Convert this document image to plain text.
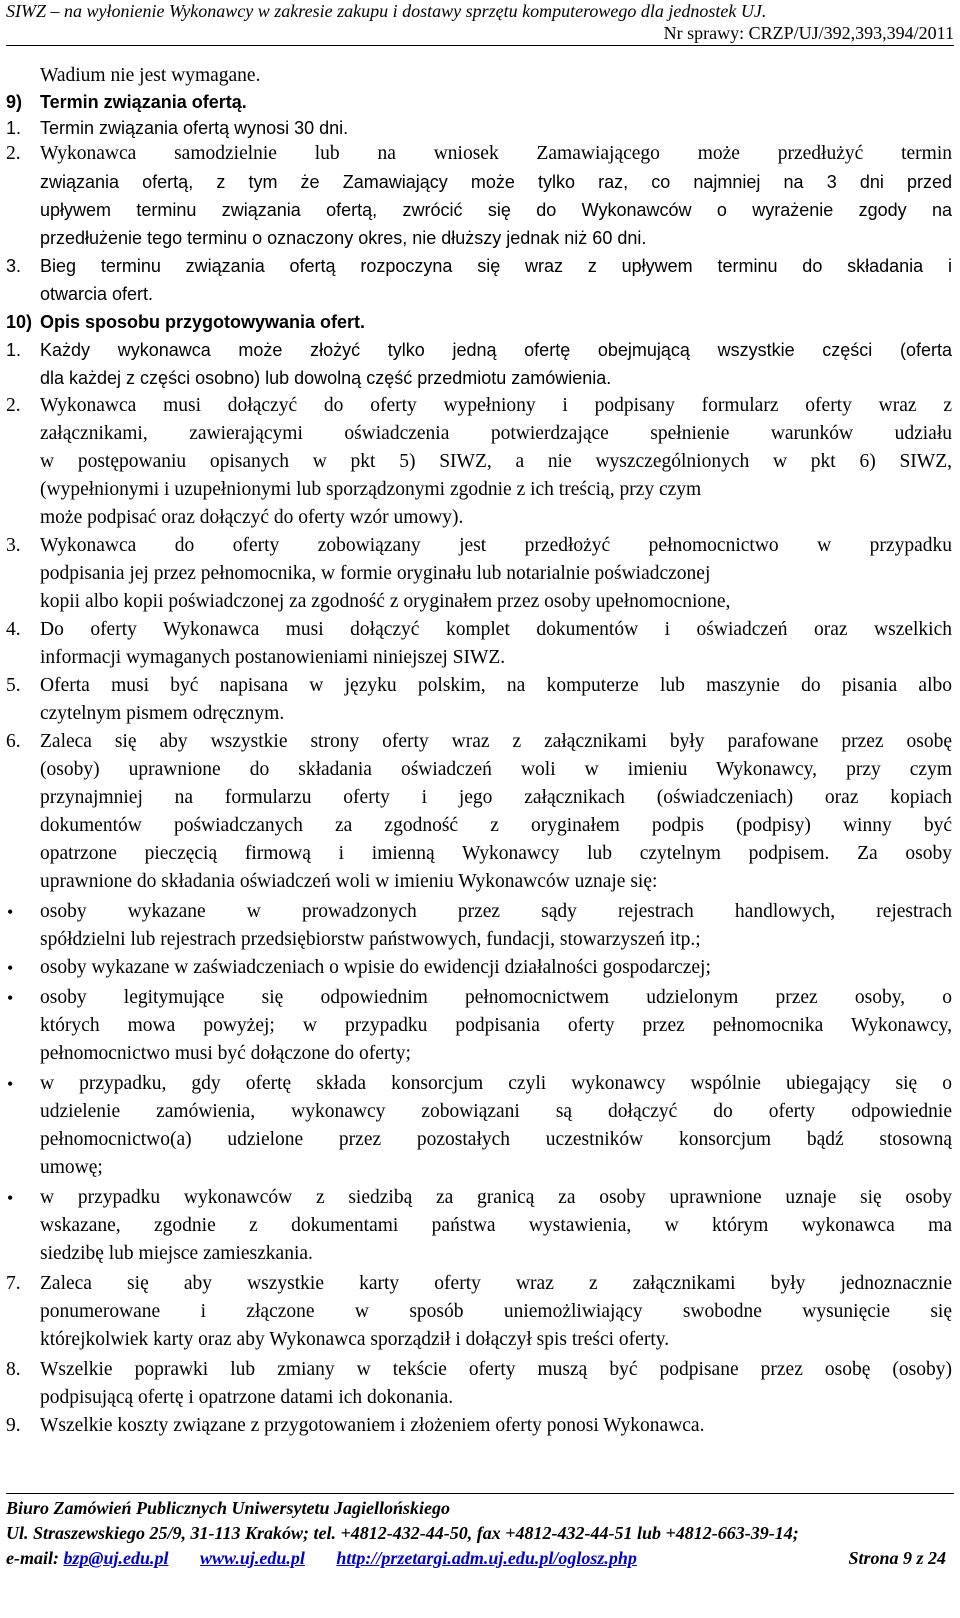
SIWZ – na wyłonienie Wykonawcy w zakresie zakupu i dostawy sprzętu komputerowego dla jednostek UJ.
Nr sprawy: CRZP/UJ/392,393,394/2011
Wadium nie jest wymagane.
9) Termin związania ofertą.
1. Termin związania ofertą wynosi 30 dni.
2. Wykonawca samodzielnie lub na wniosek Zamawiającego może przedłużyć termin
związania ofertą, z tym że Zamawiający może tylko raz, co najmniej na 3 dni przed
upływem terminu związania ofertą, zwrócić się do Wykonawców o wyrażenie zgody na
przedłużenie tego terminu o oznaczony okres, nie dłuższy jednak niż 60 dni.
3. Bieg terminu związania ofertą rozpoczyna się wraz z upływem terminu do składania i
otwarcia ofert.
10) Opis sposobu przygotowywania ofert.
1. Każdy wykonawca może złożyć tylko jedną ofertę obejmującą wszystkie części (oferta
dla każdej z części osobno) lub dowolną część przedmiotu zamówienia.
2. Wykonawca musi dołączyć do oferty wypełniony i podpisany formularz oferty wraz z
załącznikami, zawierającymi oświadczenia potwierdzające spełnienie warunków udziału
w postępowaniu opisanych w pkt 5) SIWZ, a nie wyszczególnionych w pkt 6) SIWZ,
(wypełnionymi i uzupełnionymi lub sporządzonymi zgodnie z ich treścią, przy czym
może podpisać oraz dołączyć do oferty wzór umowy).
3. Wykonawca do oferty zobowiązany jest przedłożyć pełnomocnictwo w przypadku
podpisania jej przez pełnomocnika, w formie oryginału lub notarialnie poświadczonej
kopii albo kopii poświadczonej za zgodność z oryginałem przez osoby upełnomocnione,
4. Do oferty Wykonawca musi dołączyć komplet dokumentów i oświadczeń oraz wszelkich
informacji wymaganych postanowieniami niniejszej SIWZ.
5. Oferta musi być napisana w języku polskim, na komputerze lub maszynie do pisania albo
czytelnym pismem odręcznym.
6. Zaleca się aby wszystkie strony oferty wraz z załącznikami były parafowane przez osobę
(osoby) uprawnione do składania oświadczeń woli w imieniu Wykonawcy, przy czym
przynajmniej na formularzu oferty i jego załącznikach (oświadczeniach) oraz kopiach
dokumentów poświadczanych za zgodność z oryginałem podpis (podpisy) winny być
opatrzone pieczęcią firmową i imienną Wykonawcy lub czytelnym podpisem. Za osoby
uprawnione do składania oświadczeń woli w imieniu Wykonawców uznaje się:
• osoby wykazane w prowadzonych przez sądy rejestrach handlowych, rejestrach
spółdzielni lub rejestrach przedsiębiorstw państwowych, fundacji, stowarzyszeń itp.;
• osoby wykazane w zaświadczeniach o wpisie do ewidencji działalności gospodarczej;
• osoby legitymujące się odpowiednim pełnomocnictwem udzielonym przez osoby, o
których mowa powyżej; w przypadku podpisania oferty przez pełnomocnika Wykonawcy,
pełnomocnictwo musi być dołączone do oferty;
• w przypadku, gdy ofertę składa konsorcjum czyli wykonawcy wspólnie ubiegający się o
udzielenie zamówienia, wykonawcy zobowiązani są dołączyć do oferty odpowiednie
pełnomocnictwo(a) udzielone przez pozostałych uczestników konsorcjum bądź stosowną
umowę;
• w przypadku wykonawców z siedzibą za granicą za osoby uprawnione uznaje się osoby
wskazane, zgodnie z dokumentami państwa wystawienia, w którym wykonawca ma
siedzibę lub miejsce zamieszkania.
7. Zaleca się aby wszystkie karty oferty wraz z załącznikami były jednoznacznie
ponumerowane i złączone w sposób uniemożliwiający swobodne wysunięcie się
którejkolwiek karty oraz aby Wykonawca sporządził i dołączył spis treści oferty.
8. Wszelkie poprawki lub zmiany w tekście oferty muszą być podpisane przez osobę (osoby)
podpisującą ofertę i opatrzone datami ich dokonania.
9. Wszelkie koszty związane z przygotowaniem i złożeniem oferty ponosi Wykonawca.
Biuro Zamówień Publicznych Uniwersytetu Jagiellońskiego
Ul. Straszewskiego 25/9, 31-113 Kraków; tel. +4812-432-44-50, fax +4812-432-44-51 lub +4812-663-39-14;
e-mail: bzp@uj.edu.pl www.uj.edu.pl http://przetargi.adm.uj.edu.pl/oglosz.php	Strona 9 z 24
